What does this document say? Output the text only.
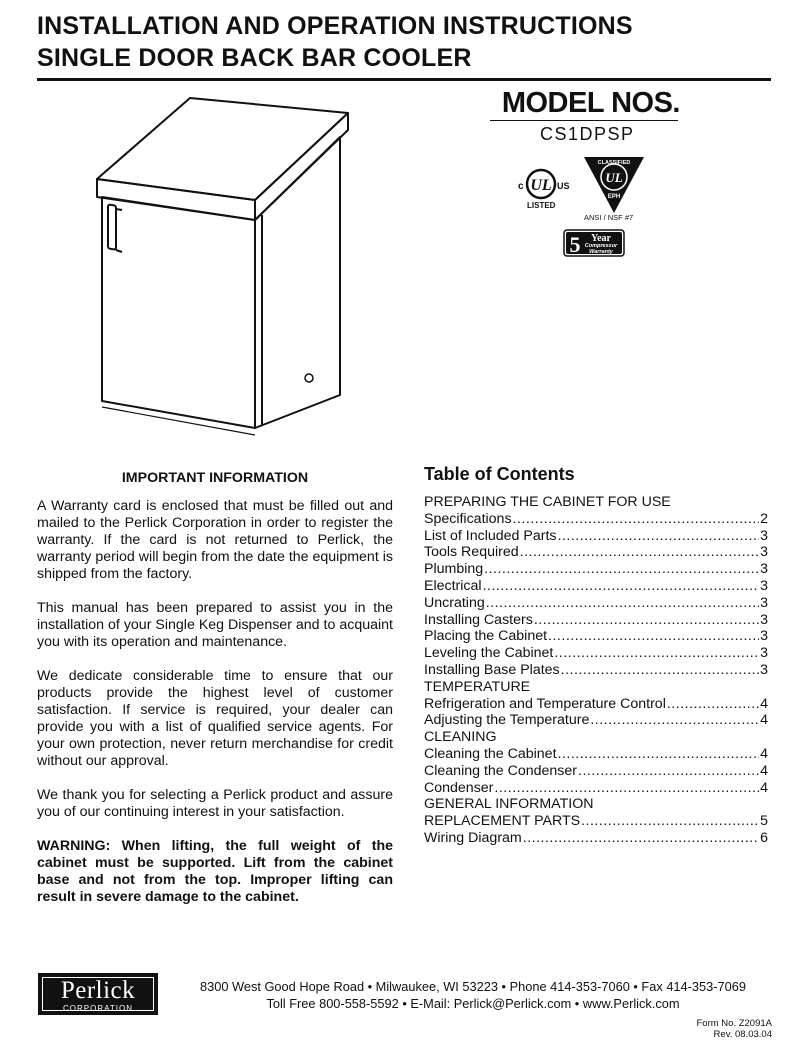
INSTALLATION AND OPERATION INSTRUCTIONS
SINGLE DOOR BACK BAR COOLER
MODEL NOS.
CS1DPSP
c UL US
LISTED
UL
CLASSIFIED
EPH
ANSI / NSF #7
5 Year
Compressor
Warranty
IMPORTANT INFORMATION

A Warranty card is enclosed that must be filled out and mailed to the Perlick Corporation in order to register the warranty. If the card is not returned to Perlick, the warranty period will begin from the date the equipment is shipped from the factory.

This manual has been prepared to assist you in the installation of your Single Keg Dispenser and to acquaint you with its operation and maintenance.

We dedicate considerable time to ensure that our products provide the highest level of customer satisfaction. If service is required, your dealer can provide you with a list of qualified service agents. For your own protection, never return merchandise for credit without our approval.

We thank you for selecting a Perlick product and assure you of our continuing interest in your satisfaction.

WARNING: When lifting, the full weight of the cabinet must be supported. Lift from the cabinet base and not from the top. Improper lifting can result in severe damage to the cabinet.

Table of Contents
PREPARING THE CABINET FOR USE
Specifications .....	2
List of Included Parts .....	3
Tools Required .....	3
Plumbing .....	3
Electrical .....	3
Uncrating .....	3
Installing Casters .....	3
Placing the Cabinet .....	3
Leveling the Cabinet .....	3
Installing Base Plates .....	3
TEMPERATURE
Refrigeration and Temperature Control .....	4
Adjusting the Temperature .....	4
CLEANING
Cleaning the Cabinet .....	4
Cleaning the Condenser .....	4
Condenser .....	4
GENERAL INFORMATION
REPLACEMENT PARTS .....	5
Wiring Diagram .....	6
Perlick
CORPORATION
8300 West Good Hope Road • Milwaukee, WI 53223 • Phone 414-353-7060 • Fax 414-353-7069
Toll Free 800-558-5592 • E-Mail: Perlick@Perlick.com • www.Perlick.com
Form No. Z2091A
Rev. 08.03.04
